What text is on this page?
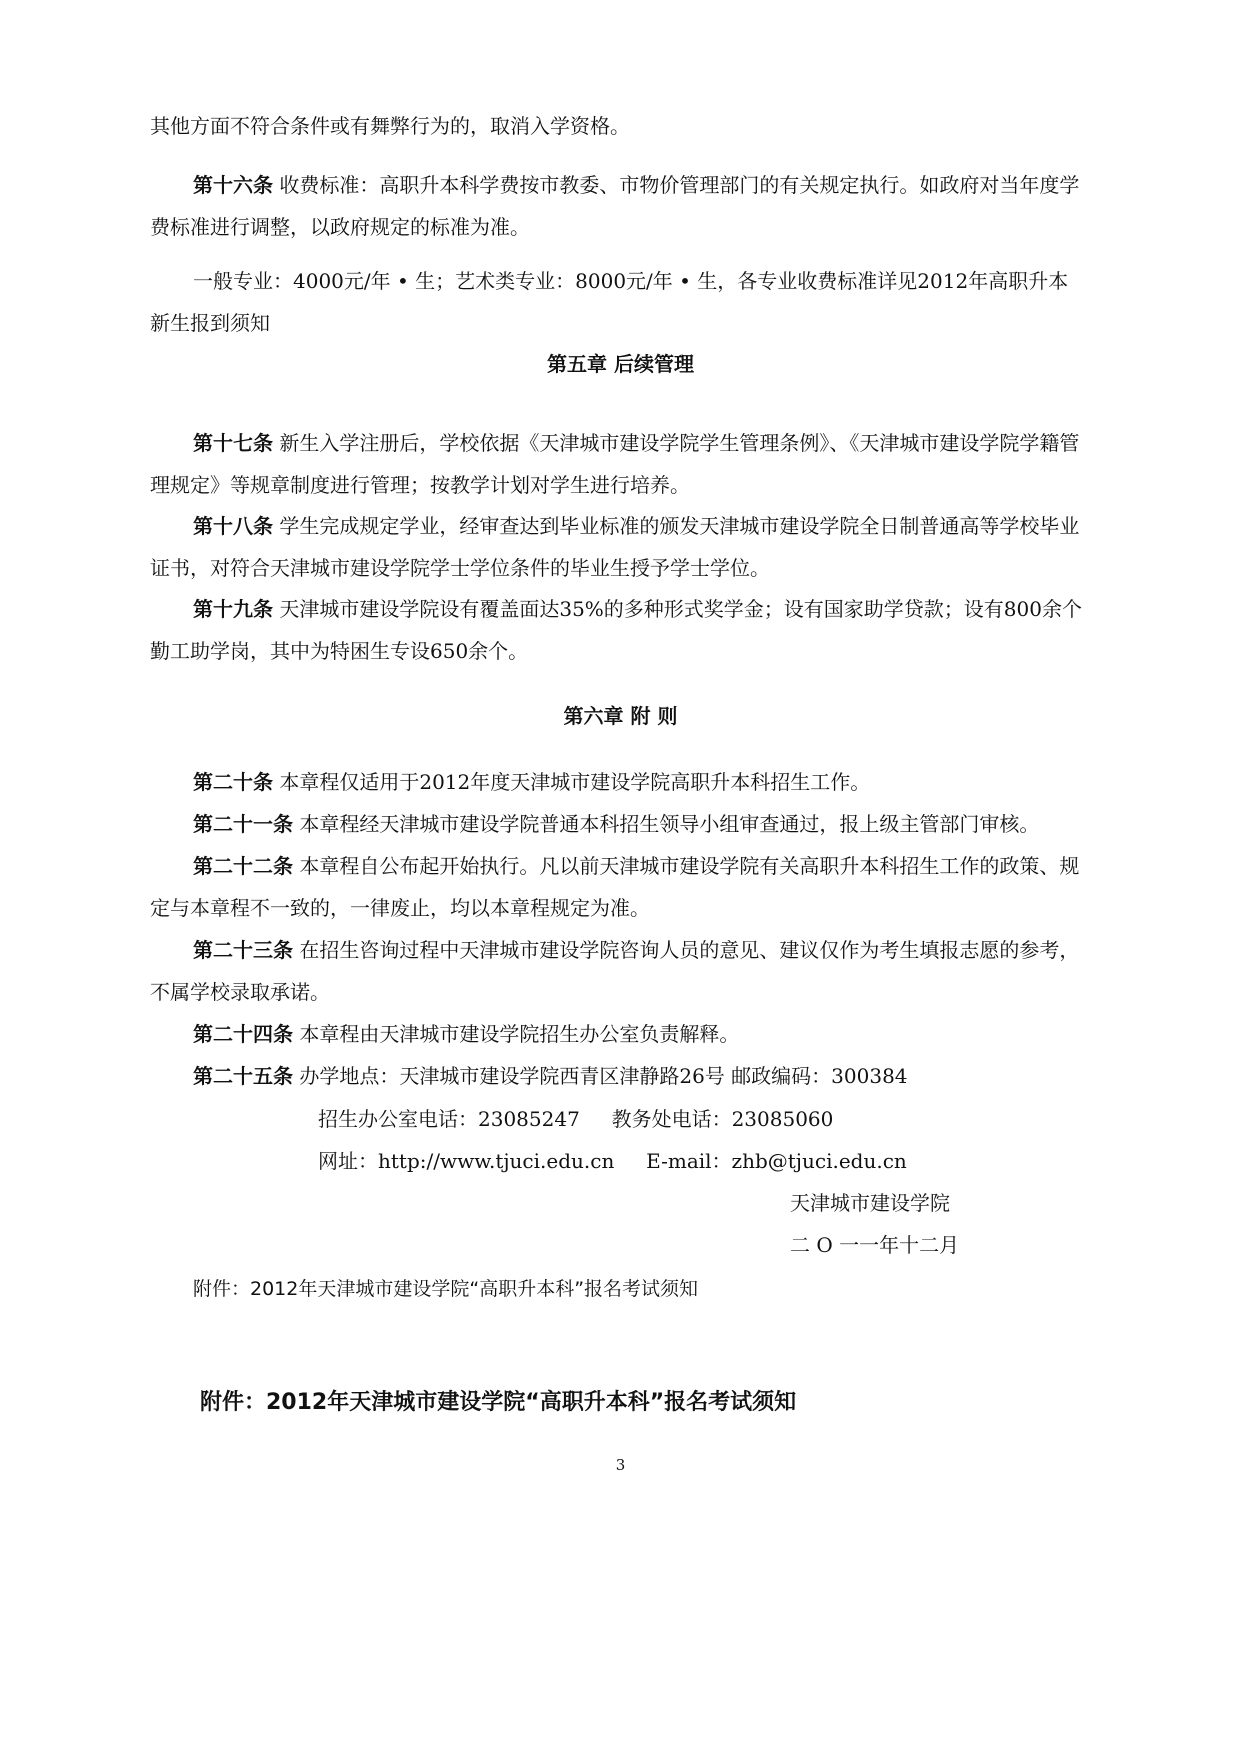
其他方面不符合条件或有舞弊行为的，取消入学资格。
第十六条 收费标准：高职升本科学费按市教委、市物价管理部门的有关规定执行。如政府对当年度学费标准进行调整，以政府规定的标准为准。
一般专业：4000元/年 • 生；艺术类专业：8000元/年 • 生，各专业收费标准详见2012年高职升本新生报到须知
第五章 后续管理
第十七条 新生入学注册后，学校依据《天津城市建设学院学生管理条例》、《天津城市建设学院学籍管理规定》等规章制度进行管理；按教学计划对学生进行培养。
第十八条 学生完成规定学业，经审查达到毕业标准的颁发天津城市建设学院全日制普通高等学校毕业证书，对符合天津城市建设学院学士学位条件的毕业生授予学士学位。
第十九条 天津城市建设学院设有覆盖面达35%的多种形式奖学金；设有国家助学贷款；设有800余个勤工助学岗，其中为特困生专设650余个。
第六章 附 则
第二十条 本章程仅适用于2012年度天津城市建设学院高职升本科招生工作。
第二十一条 本章程经天津城市建设学院普通本科招生领导小组审查通过，报上级主管部门审核。
第二十二条 本章程自公布起开始执行。凡以前天津城市建设学院有关高职升本科招生工作的政策、规定与本章程不一致的，一律废止，均以本章程规定为准。
第二十三条 在招生咨询过程中天津城市建设学院咨询人员的意见、建议仅作为考生填报志愿的参考，不属学校录取承诺。
第二十四条 本章程由天津城市建设学院招生办公室负责解释。
第二十五条 办学地点：天津城市建设学院西青区津静路26号 邮政编码：300384
招生办公室电话：23085247     教务处电话：23085060
网址：http://www.tjuci.edu.cn     E-mail：zhb@tjuci.edu.cn
天津城市建设学院
二 O 一一年十二月
附件：2012年天津城市建设学院“高职升本科”报名考试须知
附件：2012年天津城市建设学院“高职升本科”报名考试须知
3
